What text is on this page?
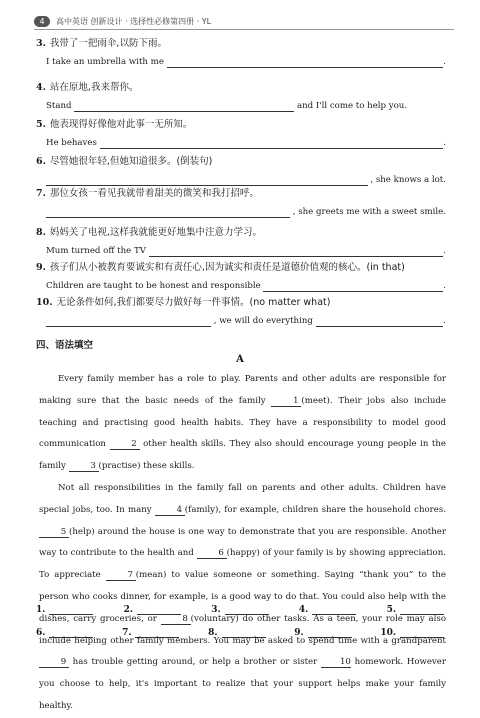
4	高中英语 创新设计 · 选择性必修第四册 · YL
3. 我带了一把雨伞,以防下雨。
I take an umbrella with me	.
4. 站在原地,我来帮你。
Stand	and I'll come to help you.
5. 他表现得好像他对此事一无所知。
He behaves	.
6. 尽管她很年轻,但她知道很多。(倒装句)
, she knows a lot.
7. 那位女孩一看见我就带着甜美的微笑和我打招呼。
, she greets me with a sweet smile.
8. 妈妈关了电视,这样我就能更好地集中注意力学习。
Mum turned off the TV	.
9. 孩子们从小被教育要诚实和有责任心,因为诚实和责任是道德价值观的核心。(in that)
Children are taught to be honest and responsible	.
10. 无论条件如何,我们都要尽力做好每一件事情。(no matter what)
, we will do everything	.
四、语法填空
A

Every family member has a role to play. Parents and other adults are responsible for making sure that the basic needs of the family	1 (meet). Their jobs also include teaching and practising good health habits. They have a responsibility to model good communication	2 other health skills. They also should encourage young people in the family	3 (practise) these skills.

Not all responsibilities in the family fall on parents and other adults. Children have special jobs, too. In many	4 (family), for example, children share the household chores. 5 (help) around the house is one way to demonstrate that you are responsible. Another way to contribute to the health and	6 (happy) of your family is by showing appreciation. To appreciate	7 (mean) to value someone or something. Saying “thank you” to the person who cooks dinner, for example, is a good way to do that. You could also help with the dishes, carry groceries, or	8 (voluntary) do other tasks. As a teen, your role may also include helping other family members. You may be asked to spend time with a grandparent 9 has trouble getting around, or help a brother or sister 10 homework. However you choose to help, it's important to realize that your support helps make your family healthy.

1.	2.	3.	4.	5.
6.	7.	8.	9.	10.
